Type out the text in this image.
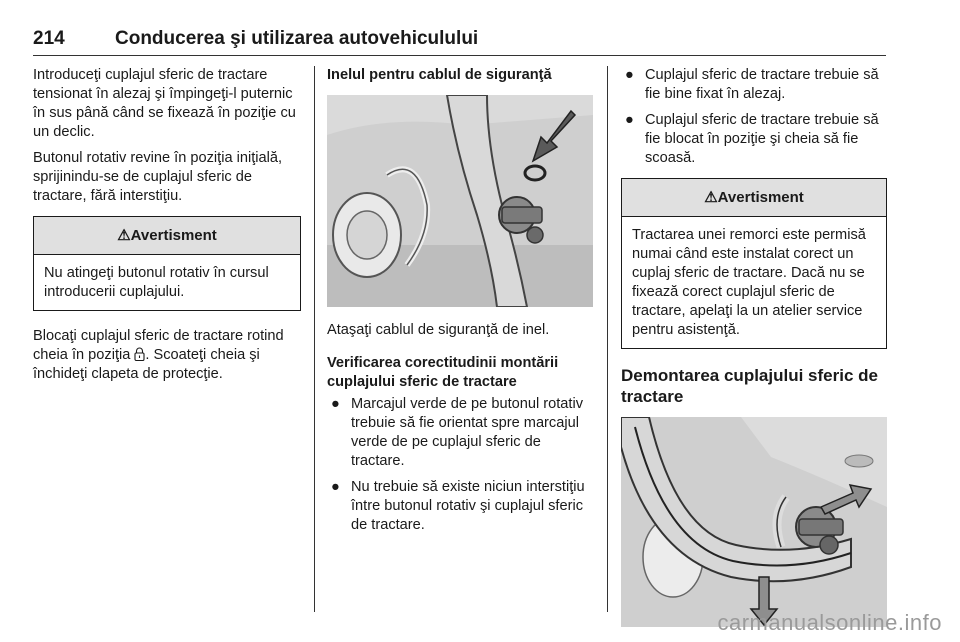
214	Conducerea şi utilizarea autovehiculului

Introduceţi cuplajul sferic de tractare tensionat în alezaj şi împingeţi-l puternic în sus până când se fixează în poziţie cu un declic.

Butonul rotativ revine în poziţia iniţială, sprijinindu-se de cuplajul sferic de tractare, fără interstiţiu.

⚠Avertisment
Nu atingeţi butonul rotativ în cursul introducerii cuplajului.

Blocaţi cuplajul sferic de tractare rotind cheia în poziţia . Scoateţi cheia şi închideţi clapeta de protecţie.

Inelul pentru cablul de siguranţă

Ataşaţi cablul de siguranţă de inel.

Verificarea corectitudinii montării cuplajului sferic de tractare

● Marcajul verde de pe butonul rotativ trebuie să fie orientat spre marcajul verde de pe cuplajul sferic de tractare.
● Nu trebuie să existe niciun interstiţiu între butonul rotativ şi cuplajul sferic de tractare.
● Cuplajul sferic de tractare trebuie să fie bine fixat în alezaj.
● Cuplajul sferic de tractare trebuie să fie blocat în poziţie şi cheia să fie scoasă.
⚠Avertisment
Tractarea unei remorci este permisă numai când este instalat corect un cuplaj sferic de tractare. Dacă nu se fixează corect cuplajul sferic de tractare, apelaţi la un atelier service pentru asistenţă.

Demontarea cuplajului sferic de tractare

carmanualsonline.info
